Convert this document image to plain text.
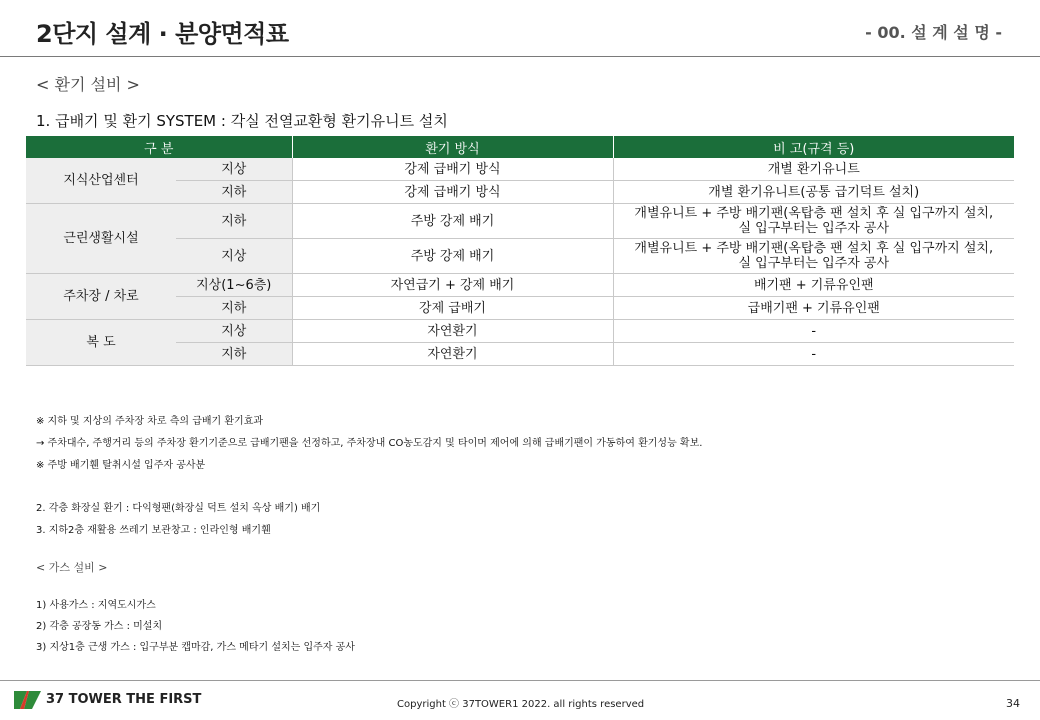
2단지 설계 · 분양면적표	- 00. 설 계 설 명 -
< 환기 설비 >
1. 급배기 및 환기 SYSTEM : 각실 전열교환형 환기유니트 설치
구 분		환기 방식	비 고(규격 등)
지식산업센터	지상	강제 급배기 방식	개별 환기유니트
	지하	강제 급배기 방식	개별 환기유니트(공통 급기덕트 설치)
근린생활시설	지하	주방 강제 배기	개별유니트 + 주방 배기팬(옥탑층 팬 설치 후 실 입구까지 설치,
실 입구부터는 입주자 공사

	지상	주방 강제 배기	개별유니트 + 주방 배기팬(옥탑층 팬 설치 후 실 입구까지 설치,
실 입구부터는 입주자 공사

주차장 / 차로	지상(1~6층)	자연급기 + 강제 배기	배기팬 + 기류유인팬
	지하	강제 급배기	급배기팬 + 기류유인팬
복 도	지상	자연환기	-
	지하	자연환기	-
※ 지하 및 지상의 주차장 차로 측의 급배기 환기효과
→ 주차대수, 주행거리 등의 주차장 환기기준으로 급배기팬을 선정하고, 주차장내 CO농도감지 및 타이머 제어에 의해 급배기팬이 가동하여 환기성능 확보.
※ 주방 배기휀 탈취시설 입주자 공사분
2. 각층 화장실 환기 : 다익형팬(화장실 덕트 설치 옥상 배기) 배기
3. 지하2층 재활용 쓰레기 보관창고 : 인라인형 배기휀
< 가스 설비 >
1) 사용가스 : 지역도시가스
2) 각층 공장동 가스 : 미설치
3) 지상1층 근생 가스 : 입구부분 캡마감, 가스 메타기 설치는 입주자 공사
37 TOWER THE FIRST	Copyright ⓒ 37TOWER1 2022. all rights reserved	34
